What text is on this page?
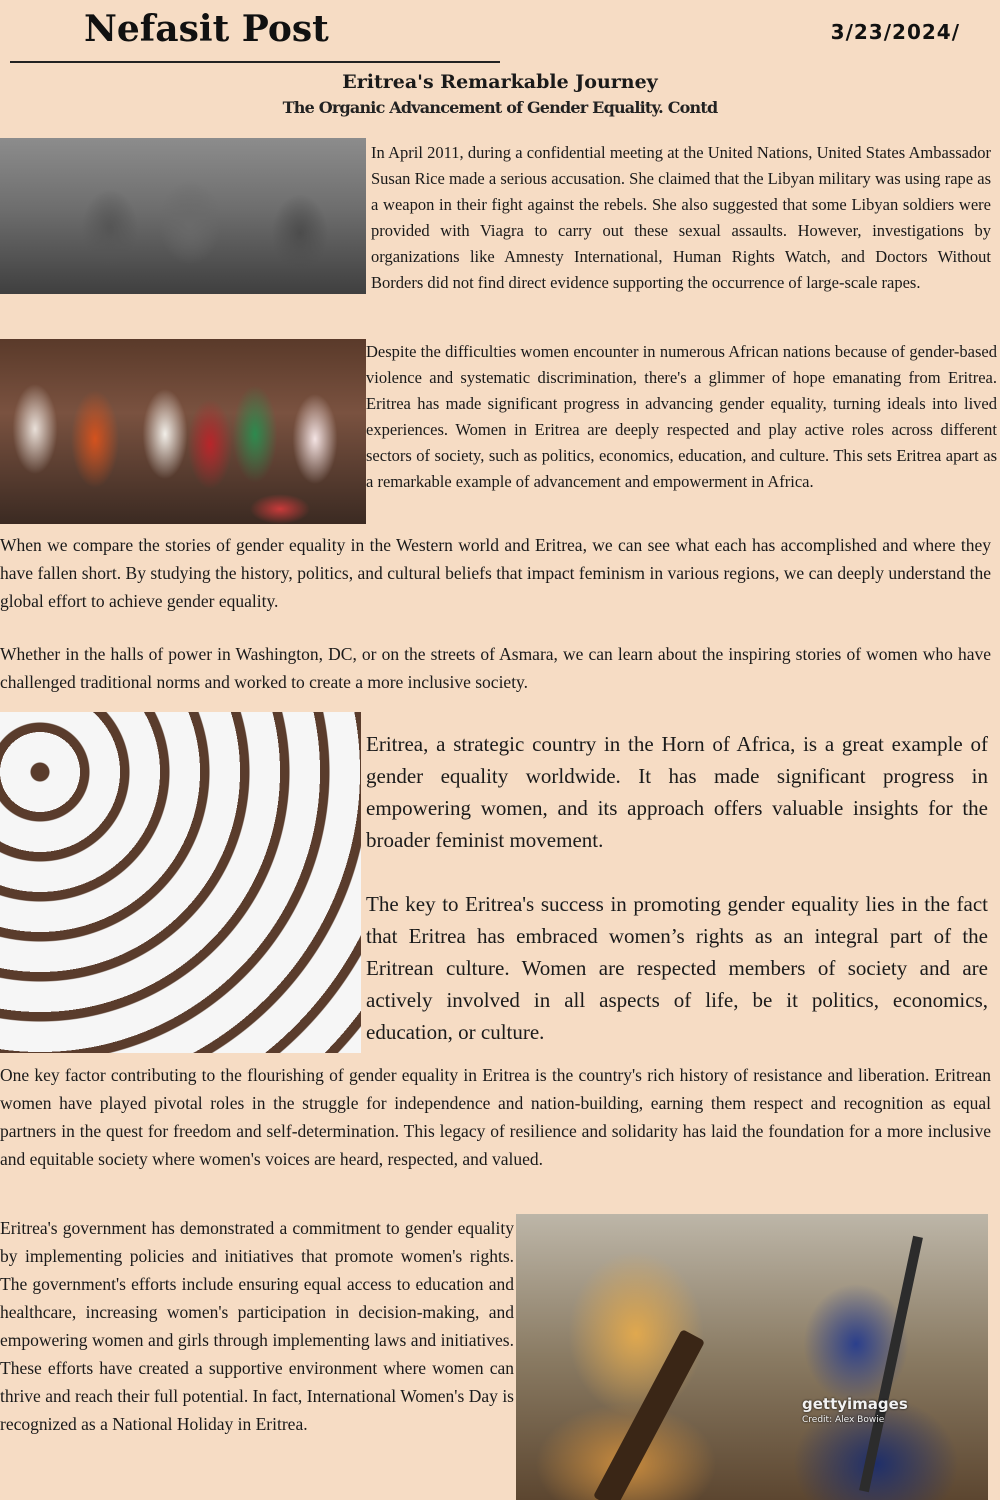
Nefasit Post	3/23/2024/
Eritrea's Remarkable Journey
The Organic Advancement of Gender Equality. Contd

In April 2011, during a confidential meeting at the United Nations, United States Ambassador Susan Rice made a serious accusation. She claimed that the Libyan military was using rape as a weapon in their fight against the rebels. She also suggested that some Libyan soldiers were provided with Viagra to carry out these sexual assaults. However, investigations by organizations like Amnesty International, Human Rights Watch, and Doctors Without Borders did not find direct evidence supporting the occurrence of large-scale rapes.

Despite the difficulties women encounter in numerous African nations because of gender-based violence and systematic discrimination, there's a glimmer of hope emanating from Eritrea. Eritrea has made significant progress in advancing gender equality, turning ideals into lived experiences. Women in Eritrea are deeply respected and play active roles across different sectors of society, such as politics, economics, education, and culture. This sets Eritrea apart as a remarkable example of advancement and empowerment in Africa.

When we compare the stories of gender equality in the Western world and Eritrea, we can see what each has accomplished and where they have fallen short. By studying the history, politics, and cultural beliefs that impact feminism in various regions, we can deeply understand the global effort to achieve gender equality.

Whether in the halls of power in Washington, DC, or on the streets of Asmara, we can learn about the inspiring stories of women who have challenged traditional norms and worked to create a more inclusive society.

Eritrea, a strategic country in the Horn of Africa, is a great example of gender equality worldwide. It has made significant progress in empowering women, and its approach offers valuable insights for the broader feminist movement.

The key to Eritrea's success in promoting gender equality lies in the fact that Eritrea has embraced women’s rights as an integral part of the Eritrean culture. Women are respected members of society and are actively involved in all aspects of life, be it politics, economics, education, or culture.

One key factor contributing to the flourishing of gender equality in Eritrea is the country's rich history of resistance and liberation. Eritrean women have played pivotal roles in the struggle for independence and nation-building, earning them respect and recognition as equal partners in the quest for freedom and self-determination. This legacy of resilience and solidarity has laid the foundation for a more inclusive and equitable society where women's voices are heard, respected, and valued.

Eritrea's government has demonstrated a commitment to gender equality by implementing policies and initiatives that promote women's rights. The government's efforts include ensuring equal access to education and healthcare, increasing women's participation in decision-making, and empowering women and girls through implementing laws and initiatives. These efforts have created a supportive environment where women can thrive and reach their full potential. In fact, International Women's Day is recognized as a National Holiday in Eritrea.

gettyimages
Credit: Alex Bowie
